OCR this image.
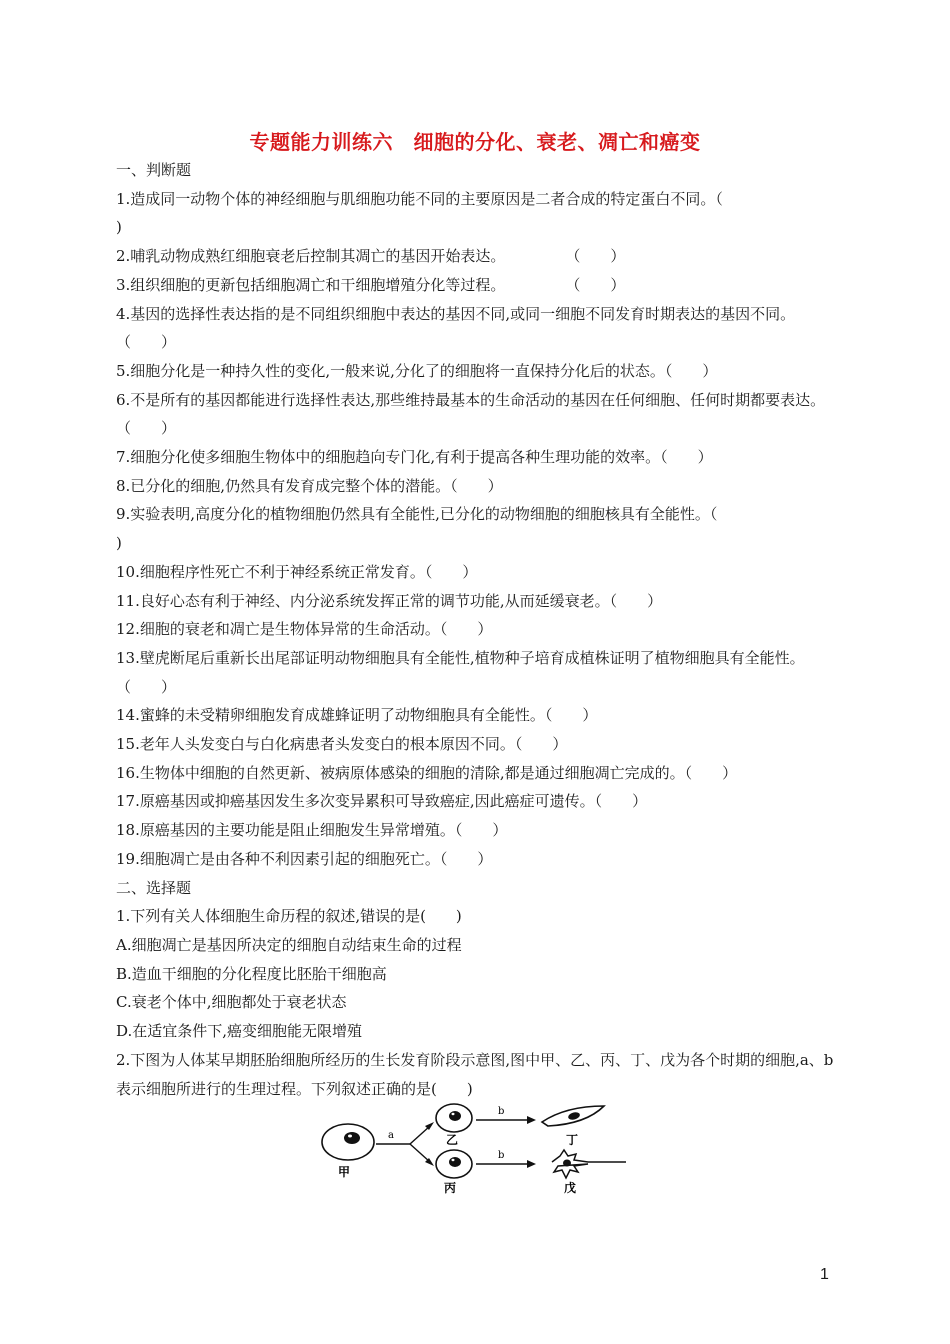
专题能力训练六　细胞的分化、衰老、凋亡和癌变
一、判断题
1.造成同一动物个体的神经细胞与肌细胞功能不同的主要原因是二者合成的特定蛋白不同。（
)
2.哺乳动物成熟红细胞衰老后控制其凋亡的基因开始表达。　　　　　（　　）
3.组织细胞的更新包括细胞凋亡和干细胞增殖分化等过程。　　　　　（　　）
4.基因的选择性表达指的是不同组织细胞中表达的基因不同,或同一细胞不同发育时期表达的基因不同。（　　）
5.细胞分化是一种持久性的变化,一般来说,分化了的细胞将一直保持分化后的状态。（　　）
6.不是所有的基因都能进行选择性表达,那些维持最基本的生命活动的基因在任何细胞、任何时期都要表达。（　　）
7.细胞分化使多细胞生物体中的细胞趋向专门化,有利于提高各种生理功能的效率。（　　）
8.已分化的细胞,仍然具有发育成完整个体的潜能。（　　）
9.实验表明,高度分化的植物细胞仍然具有全能性,已分化的动物细胞的细胞核具有全能性。（
)
10.细胞程序性死亡不利于神经系统正常发育。（　　）
11.良好心态有利于神经、内分泌系统发挥正常的调节功能,从而延缓衰老。（　　）
12.细胞的衰老和凋亡是生物体异常的生命活动。（　　）
13.壁虎断尾后重新长出尾部证明动物细胞具有全能性,植物种子培育成植株证明了植物细胞具有全能性。（　　）
14.蜜蜂的未受精卵细胞发育成雄蜂证明了动物细胞具有全能性。（　　）
15.老年人头发变白与白化病患者头发变白的根本原因不同。（　　）
16.生物体中细胞的自然更新、被病原体感染的细胞的清除,都是通过细胞凋亡完成的。（　　）
17.原癌基因或抑癌基因发生多次变异累积可导致癌症,因此癌症可遗传。（　　）
18.原癌基因的主要功能是阻止细胞发生异常增殖。（　　）
19.细胞凋亡是由各种不利因素引起的细胞死亡。（　　）
二、选择题
1.下列有关人体细胞生命历程的叙述,错误的是(　　)
A.细胞凋亡是基因所决定的细胞自动结束生命的过程
B.造血干细胞的分化程度比胚胎干细胞高
C.衰老个体中,细胞都处于衰老状态
D.在适宜条件下,癌变细胞能无限增殖
2.下图为人体某早期胚胎细胞所经历的生长发育阶段示意图,图中甲、乙、丙、丁、戊为各个时期的细胞,a、b表示细胞所进行的生理过程。下列叙述正确的是(　　)
甲
a	乙
丙
b
b
丁
戊
1
